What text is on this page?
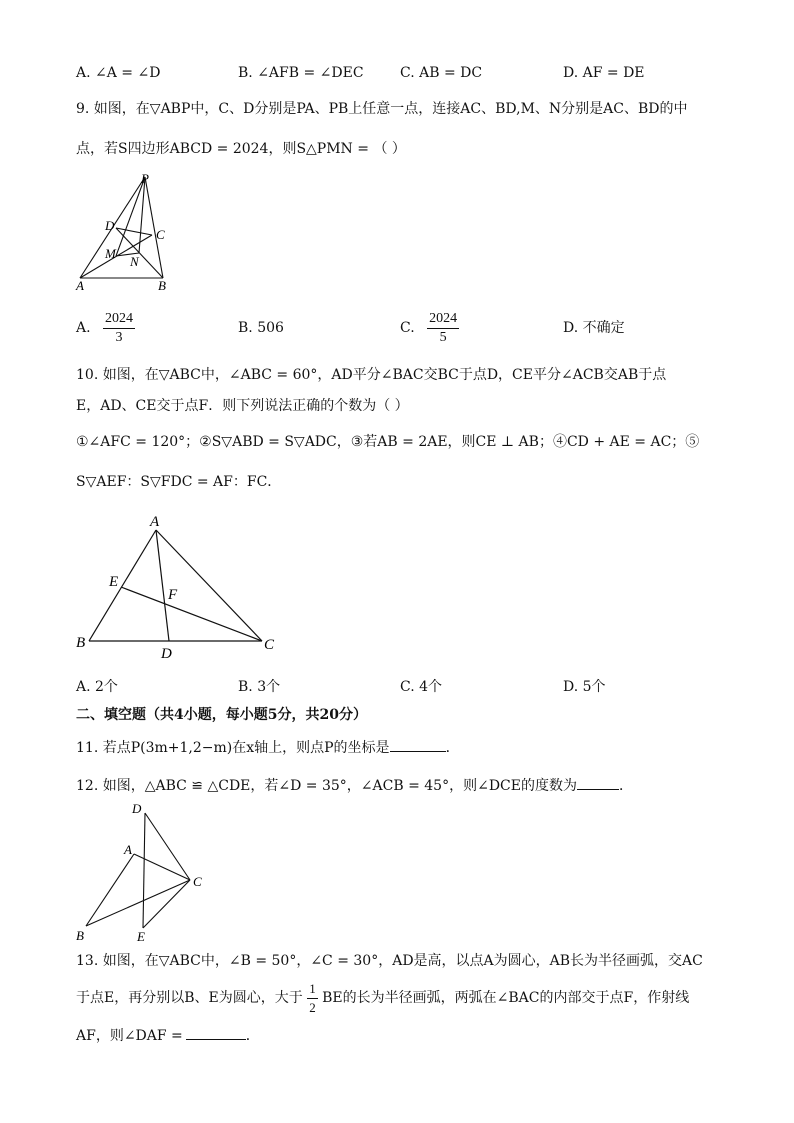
A. ∠A = ∠D	B. ∠AFB = ∠DEC	C. AB = DC	D. AF = DE
9. 如图，在▽ABP中，C、D分别是PA、PB上任意一点，连接AC、BD,M、N分别是AC、BD的中
点，若S四边形ABCD = 2024，则S△PMN = （ ）
P
D
C
M
N
A	B
A. $\frac{2024}{3}$	B. 506	C. $\frac{2024}{5}$	D. 不确定
10. 如图，在▽ABC中，∠ABC = 60°，AD平分∠BAC交BC于点D，CE平分∠ACB交AB于点
E，AD、CE交于点F．则下列说法正确的个数为（ ）
①∠AFC = 120°；②S▽ABD = S▽ADC，③若AB = 2AE，则CE ⊥ AB；④CD + AE = AC；⑤
S▽AEF：S▽FDC = AF：FC．
A
E
F
B
D
C
A. 2个	B. 3个	C. 4个	D. 5个
二、填空题（共4小题，每小题5分，共20分）
11. 若点P(3m+1,2−m)在x轴上，则点P的坐标是	．
12. 如图，△ABC ≌ △CDE，若∠D = 35°，∠ACB = 45°，则∠DCE的度数为	．
D
A
C
B	E
13. 如图，在▽ABC中，∠B = 50°，∠C = 30°，AD是高，以点A为圆心，AB长为半径画弧，交AC
于点E，再分别以B、E为圆心，大于 $\frac{1}{2}$ BE的长为半径画弧，两弧在∠BAC的内部交于点F，作射线
AF，则∠DAF =	．
